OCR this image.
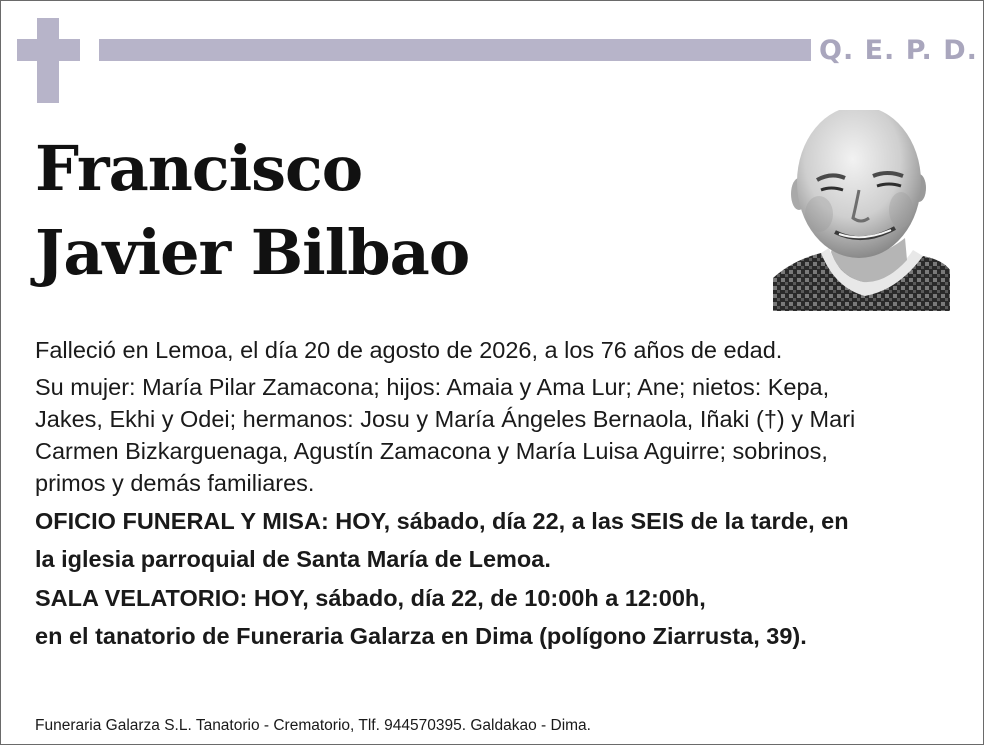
Q. E. P. D.
Francisco
Javier Bilbao
Falleció en Lemoa, el día 20 de agosto de 2026, a los 76 años de edad.
Su mujer: María Pilar Zamacona; hijos: Amaia y Ama Lur; Ane; nietos: Kepa,
Jakes, Ekhi y Odei; hermanos: Josu y María Ángeles Bernaola, Iñaki (†) y Mari
Carmen Bizkarguenaga, Agustín Zamacona y María Luisa Aguirre; sobrinos,
primos y demás familiares.
OFICIO FUNERAL Y MISA: HOY, sábado, día 22, a las SEIS de la tarde, en
la iglesia parroquial de Santa María de Lemoa.
SALA VELATORIO: HOY, sábado, día 22, de 10:00h a 12:00h,
en el tanatorio de Funeraria Galarza en Dima (polígono Ziarrusta, 39).
Funeraria Galarza S.L. Tanatorio - Crematorio, Tlf. 944570395. Galdakao - Dima.
